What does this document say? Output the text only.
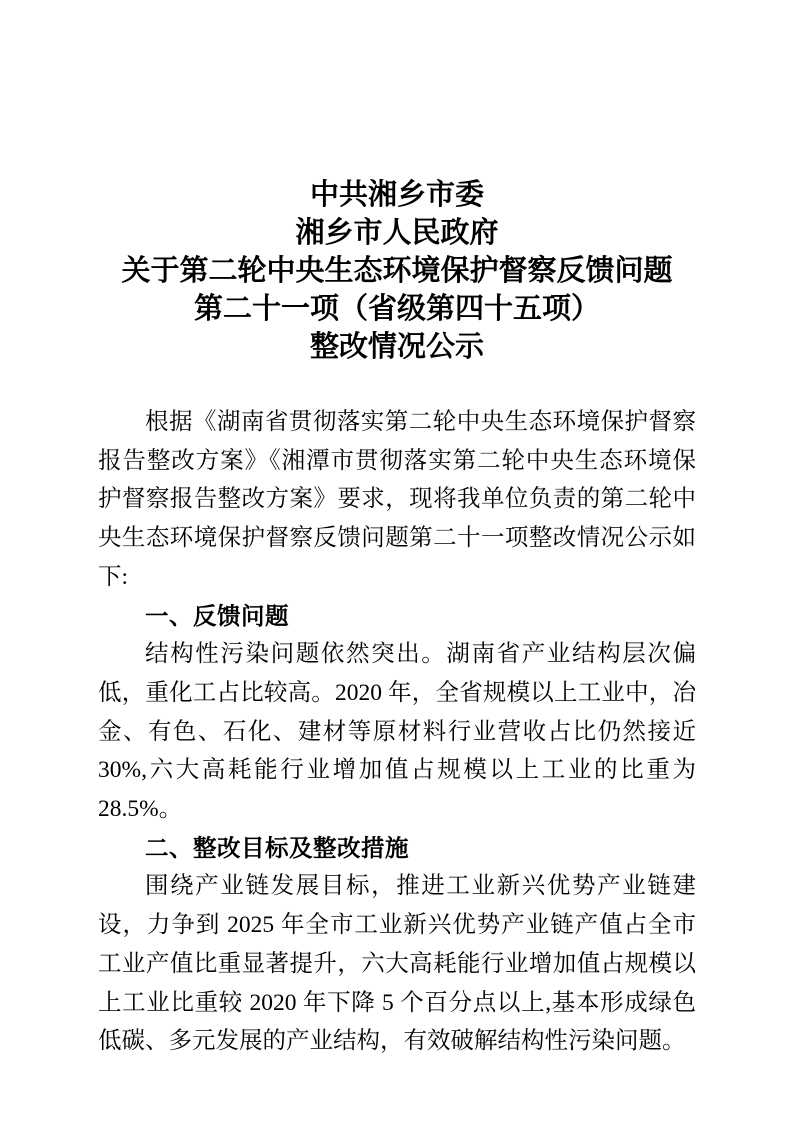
中共湘乡市委
湘乡市人民政府
关于第二轮中央生态环境保护督察反馈问题
第二十一项（省级第四十五项）
整改情况公示

根据《湖南省贯彻落实第二轮中央生态环境保护督察报告整改方案》《湘潭市贯彻落实第二轮中央生态环境保护督察报告整改方案》要求，现将我单位负责的第二轮中央生态环境保护督察反馈问题第二十一项整改情况公示如下:

一、反馈问题

结构性污染问题依然突出。湖南省产业结构层次偏低，重化工占比较高。2020 年，全省规模以上工业中，冶金、有色、石化、建材等原材料行业营收占比仍然接近 30%,六大高耗能行业增加值占规模以上工业的比重为 28.5%。

二、整改目标及整改措施

围绕产业链发展目标，推进工业新兴优势产业链建设，力争到 2025 年全市工业新兴优势产业链产值占全市工业产值比重显著提升，六大高耗能行业增加值占规模以上工业比重较 2020 年下降 5 个百分点以上,基本形成绿色低碳、多元发展的产业结构，有效破解结构性污染问题。
